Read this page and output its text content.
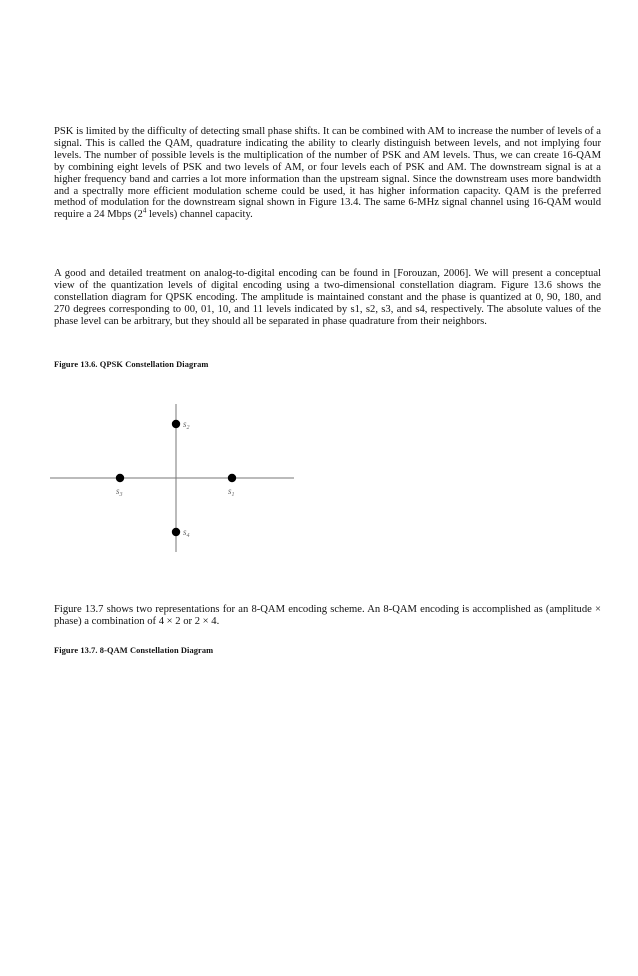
PSK is limited by the difficulty of detecting small phase shifts. It can be combined with AM to increase the number of levels of a signal. This is called the QAM, quadrature indicating the ability to clearly distinguish between levels, and not implying four levels. The number of possible levels is the multiplication of the number of PSK and AM levels. Thus, we can create 16-QAM by combining eight levels of PSK and two levels of AM, or four levels each of PSK and AM. The downstream signal is at a higher frequency band and carries a lot more information than the upstream signal. Since the downstream uses more bandwidth and a spectrally more efficient modulation scheme could be used, it has higher information capacity. QAM is the preferred method of modulation for the downstream signal shown in Figure 13.4. The same 6-MHz signal channel using 16-QAM would require a 24 Mbps ($2^4$ levels) channel capacity.

A good and detailed treatment on analog-to-digital encoding can be found in [Forouzan, 2006]. We will present a conceptual view of the quantization levels of digital encoding using a two-dimensional constellation diagram. Figure 13.6 shows the constellation diagram for QPSK encoding. The amplitude is maintained constant and the phase is quantized at 0, 90, 180, and 270 degrees corresponding to 00, 01, 10, and 11 levels indicated by s1, s2, s3, and s4, respectively. The absolute values of the phase level can be arbitrary, but they should all be separated in phase quadrature from their neighbors.

Figure 13.6. QPSK Constellation Diagram

$s_2$
$s_3$	$s_1$
$s_4$

Figure 13.7 shows two representations for an 8-QAM encoding scheme. An 8-QAM encoding is accomplished as (amplitude × phase) a combination of 4 × 2 or 2 × 4.

Figure 13.7. 8-QAM Constellation Diagram
